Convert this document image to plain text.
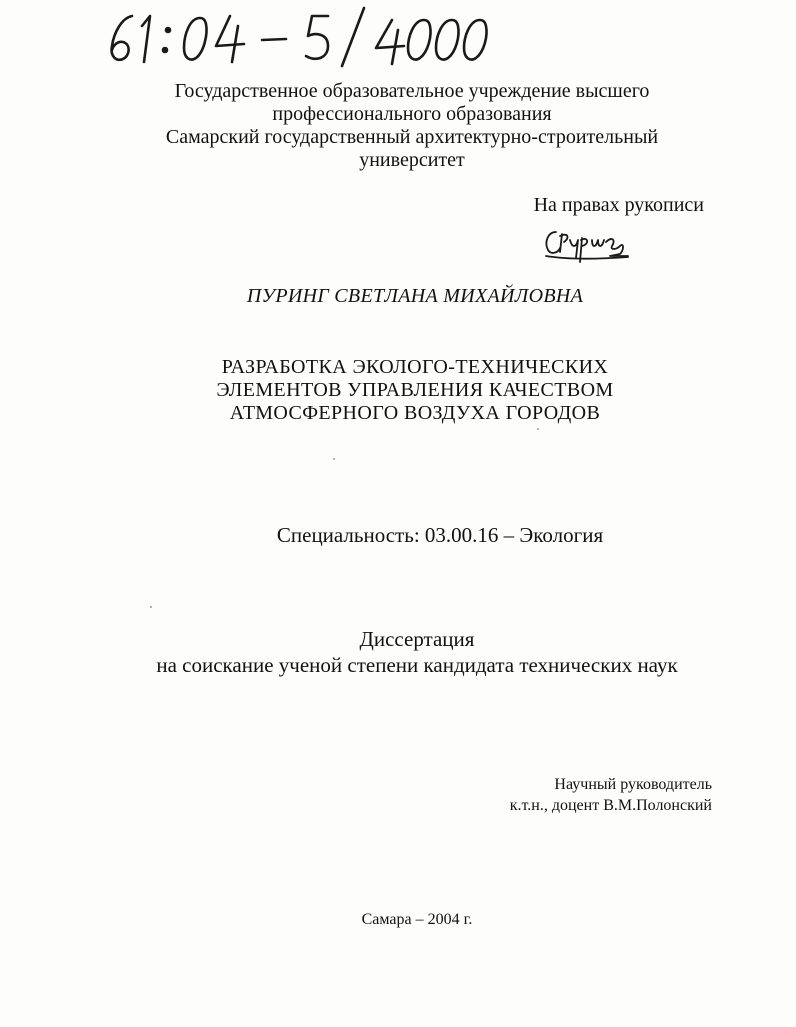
Государственное образовательное учреждение высшего
профессионального образования
Самарский государственный архитектурно-строительный
университет
На правах рукописи
ПУРИНГ СВЕТЛАНА МИХАЙЛОВНА
РАЗРАБОТКА ЭКОЛОГО-ТЕХНИЧЕСКИХ
ЭЛЕМЕНТОВ УПРАВЛЕНИЯ КАЧЕСТВОМ
АТМОСФЕРНОГО ВОЗДУХА ГОРОДОВ
Специальность: 03.00.16 – Экология
Диссертация
на соискание ученой степени кандидата технических наук
Научный руководитель
к.т.н., доцент В.М.Полонский
Самара – 2004 г.
